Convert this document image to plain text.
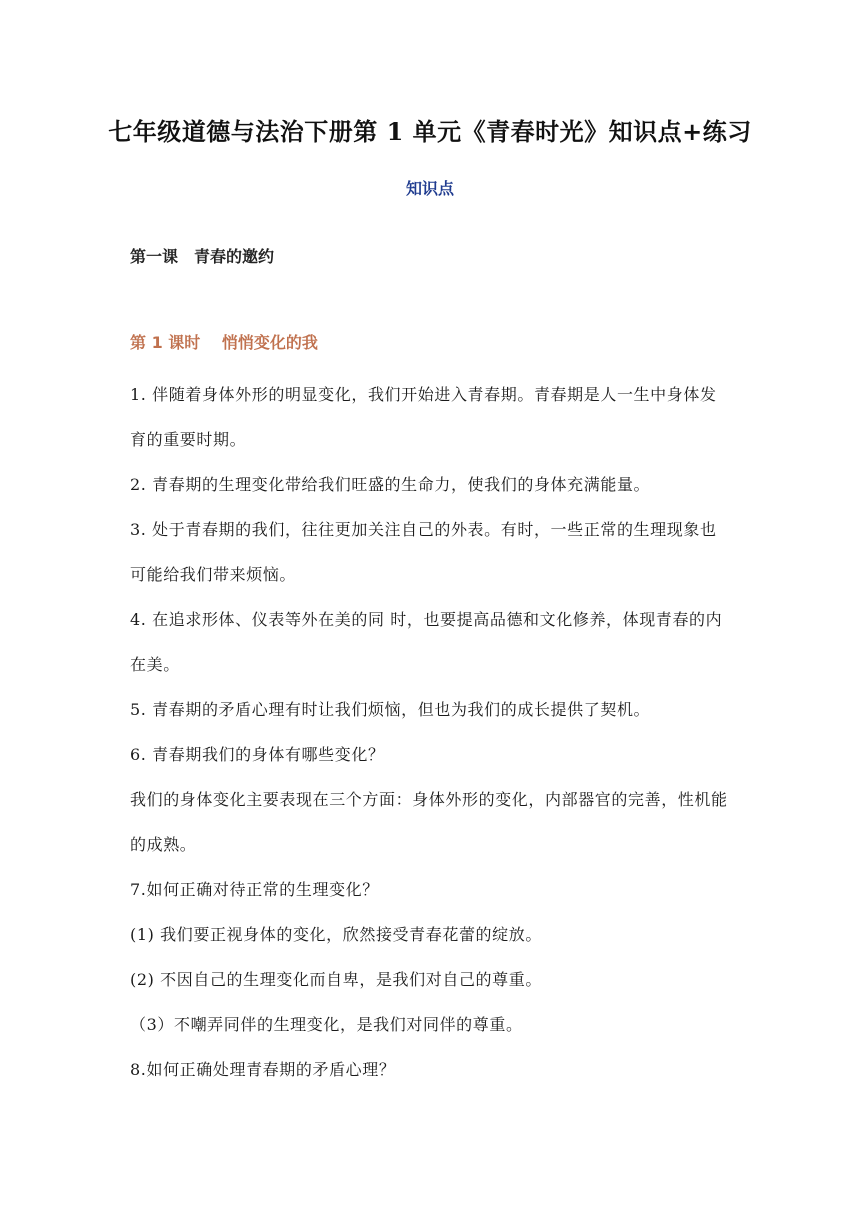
七年级道德与法治下册第 1 单元《青春时光》知识点+练习
知识点
第一课　青春的邀约
第 1 课时　 悄悄变化的我

1. 伴随着身体外形的明显变化，我们开始进入青春期。青春期是人一生中身体发育的重要时期。

2. 青春期的生理变化带给我们旺盛的生命力，使我们的身体充满能量。

3. 处于青春期的我们，往往更加关注自己的外表。有时，一些正常的生理现象也可能给我们带来烦恼。

4. 在追求形体、仪表等外在美的同 时，也要提高品德和文化修养，体现青春的内在美。

5. 青春期的矛盾心理有时让我们烦恼，但也为我们的成长提供了契机。

6. 青春期我们的身体有哪些变化？

我们的身体变化主要表现在三个方面：身体外形的变化，内部器官的完善，性机能的成熟。

7.如何正确对待正常的生理变化？

(1) 我们要正视身体的变化，欣然接受青春花蕾的绽放。

(2) 不因自己的生理变化而自卑，是我们对自己的尊重。

（3）不嘲弄同伴的生理变化，是我们对同伴的尊重。

8.如何正确处理青春期的矛盾心理？
